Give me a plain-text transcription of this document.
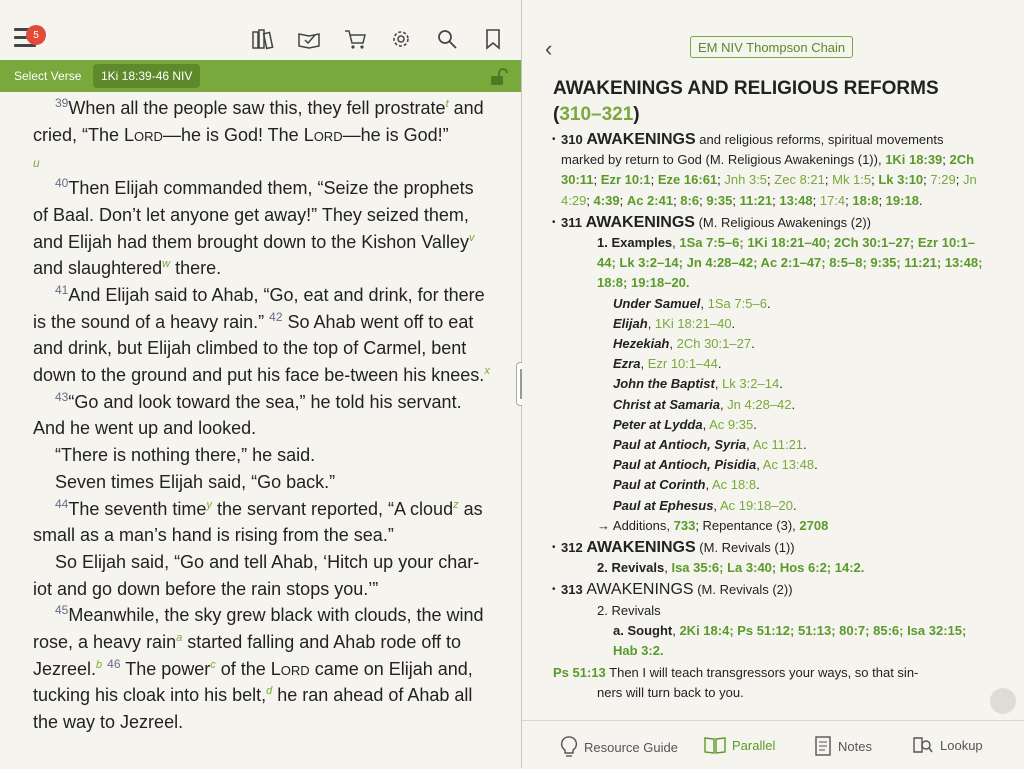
5
Select Verse	1Ki 18:39-46 NIV

$^{39}$When all the people saw this, they fell prostrate$^t$ and cried, “The Lord—he is God! The Lord—he is God!”
u

$^{40}$Then Elijah commanded them, “Seize the prophets of Baal. Don’t let anyone get away!” They seized them, and Elijah had them brought down to the Kishon Valley$^v$ and slaughtered$^w$ there.

$^{41}$And Elijah said to Ahab, “Go, eat and drink, for there is the sound of a heavy rain.” $^{42}$ So Ahab went off to eat and drink, but Elijah climbed to the top of Carmel, bent down to the ground and put his face be-tween his knees.$^x$

$^{43}$“Go and look toward the sea,” he told his servant. And he went up and looked.

“There is nothing there,” he said.

Seven times Elijah said, “Go back.”

$^{44}$The seventh time$^y$ the servant reported, “A cloud$^z$ as small as a man’s hand is rising from the sea.”

So Elijah said, “Go and tell Ahab, ‘Hitch up your char-iot and go down before the rain stops you.’”

$^{45}$Meanwhile, the sky grew black with clouds, the wind rose, a heavy rain$^a$ started falling and Ahab rode off to Jezreel.$^b$ $^{46}$ The power$^c$ of the Lord came on Elijah and, tucking his cloak into his belt,$^d$ he ran ahead of Ahab all the way to Jezreel.

‹	EM NIV Thompson Chain
AWAKENINGS AND RELIGIOUS REFORMS (310–321)
• 310 AWAKENINGS and religious reforms, spiritual movements marked by return to God (M. Religious Awakenings (1)), 1Ki 18:39; 2Ch 30:11; Ezr 10:1; Eze 16:61; Jnh 3:5; Zec 8:21; Mk 1:5; Lk 3:10; 7:29; Jn 4:29; 4:39; Ac 2:41; 8:6; 9:35; 11:21; 13:48; 17:4; 18:8; 19:18.
• 311 AWAKENINGS (M. Religious Awakenings (2))
1. Examples, 1Sa 7:5–6; 1Ki 18:21–40; 2Ch 30:1–27; Ezr 10:1–44; Lk 3:2–14; Jn 4:28–42; Ac 2:1–47; 8:5–8; 9:35; 11:21; 13:48; 18:8; 19:18–20.
Under Samuel, 1Sa 7:5–6.
Elijah, 1Ki 18:21–40.
Hezekiah, 2Ch 30:1–27.
Ezra, Ezr 10:1–44.
John the Baptist, Lk 3:2–14.
Christ at Samaria, Jn 4:28–42.
Peter at Lydda, Ac 9:35.
Paul at Antioch, Syria, Ac 11:21.
Paul at Antioch, Pisidia, Ac 13:48.
Paul at Corinth, Ac 18:8.
Paul at Ephesus, Ac 19:18–20.
→ Additions, 733; Repentance (3), 2708
• 312 AWAKENINGS (M. Revivals (1))
2. Revivals, Isa 35:6; La 3:40; Hos 6:2; 14:2.
• 313 AWAKENINGS (M. Revivals (2))
2. Revivals
a. Sought, 2Ki 18:4; Ps 51:12; 51:13; 80:7; 85:6; Isa 32:15; Hab 3:2.
Ps 51:13 Then I will teach transgressors your ways, so that sin-
ners will turn back to you.
Resource Guide	Parallel	Notes	Lookup
